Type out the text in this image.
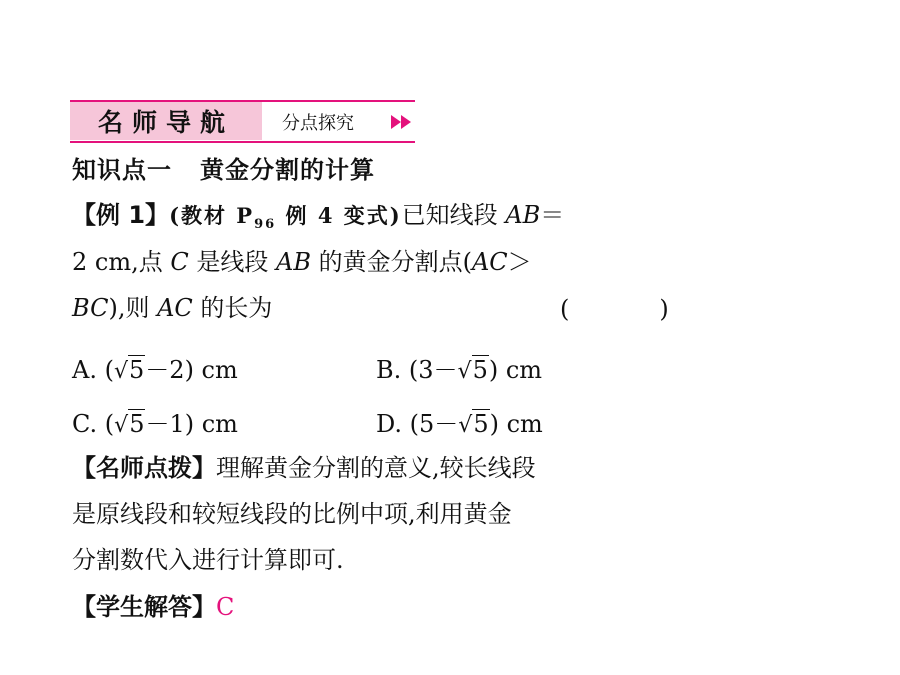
名师导航	分点探究
知识点一 黄金分割的计算
【例 1】(教材 $P_{96}$ 例 4 变式)已知线段 AB＝
2 cm,点 C 是线段 AB 的黄金分割点(AC＞
BC),则 AC 的长为	(	)
A. (√5－2) cm	B. (3－√5) cm
C. (√5－1) cm	D. (5－√5) cm
【名师点拨】理解黄金分割的意义,较长线段
是原线段和较短线段的比例中项,利用黄金
分割数代入进行计算即可.
【学生解答】C
